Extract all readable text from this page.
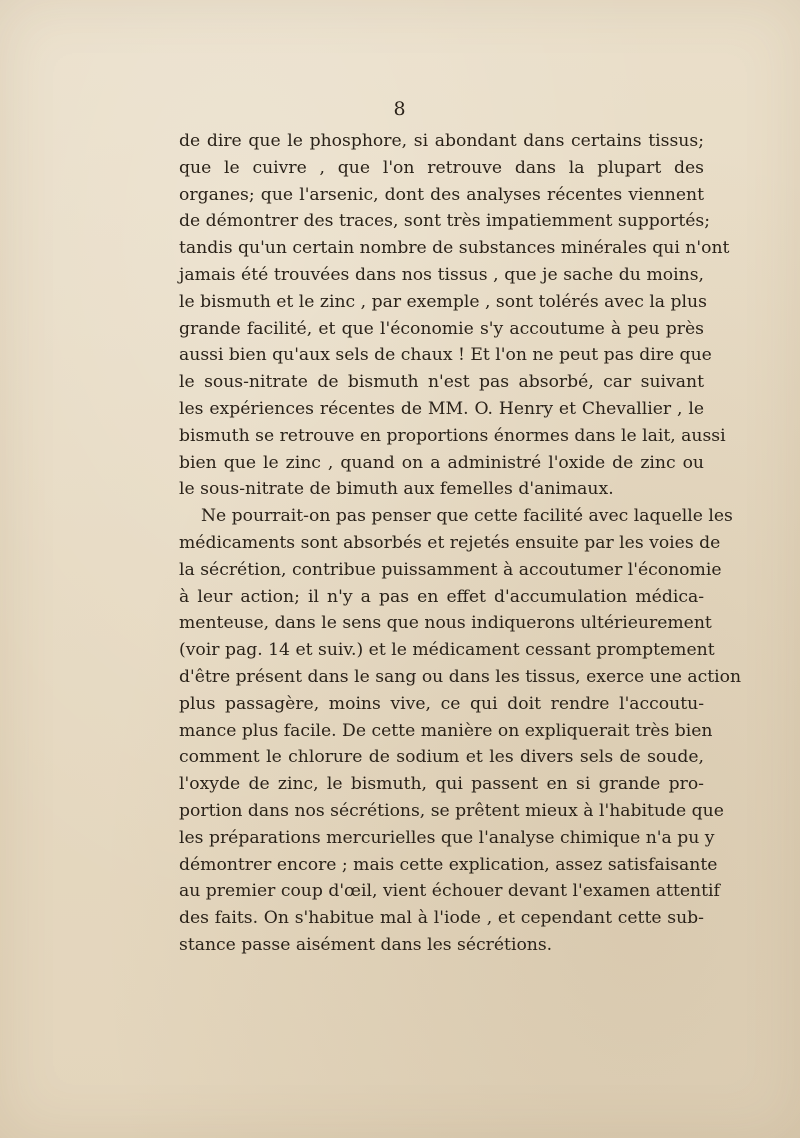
8
de dire que le phosphore, si abondant dans certains tissus;
que le cuivre , que l'on retrouve dans la plupart des
organes; que l'arsenic, dont des analyses récentes viennent
de démontrer des traces, sont très impatiemment supportés;
tandis qu'un certain nombre de substances minérales qui n'ont
jamais été trouvées dans nos tissus , que je sache du moins,
le bismuth et le zinc , par exemple , sont tolérés avec la plus
grande facilité, et que l'économie s'y accoutume à peu près
aussi bien qu'aux sels de chaux ! Et l'on ne peut pas dire que
le sous-nitrate de bismuth n'est pas absorbé, car suivant
les expériences récentes de MM. O. Henry et Chevallier , le
bismuth se retrouve en proportions énormes dans le lait, aussi
bien que le zinc , quand on a administré l'oxide de zinc ou
le sous-nitrate de bimuth aux femelles d'animaux.
Ne pourrait-on pas penser que cette facilité avec laquelle les
médicaments sont absorbés et rejetés ensuite par les voies de
la sécrétion, contribue puissamment à accoutumer l'économie
à leur action; il n'y a pas en effet d'accumulation médica-
menteuse, dans le sens que nous indiquerons ultérieurement
(voir pag. 14 et suiv.) et le médicament cessant promptement
d'être présent dans le sang ou dans les tissus, exerce une action
plus passagère, moins vive, ce qui doit rendre l'accoutu-
mance plus facile. De cette manière on expliquerait très bien
comment le chlorure de sodium et les divers sels de soude,
l'oxyde de zinc, le bismuth, qui passent en si grande pro-
portion dans nos sécrétions, se prêtent mieux à l'habitude que
les préparations mercurielles que l'analyse chimique n'a pu y
démontrer encore ; mais cette explication, assez satisfaisante
au premier coup d'œil, vient échouer devant l'examen attentif
des faits. On s'habitue mal à l'iode , et cependant cette sub-
stance passe aisément dans les sécrétions.
